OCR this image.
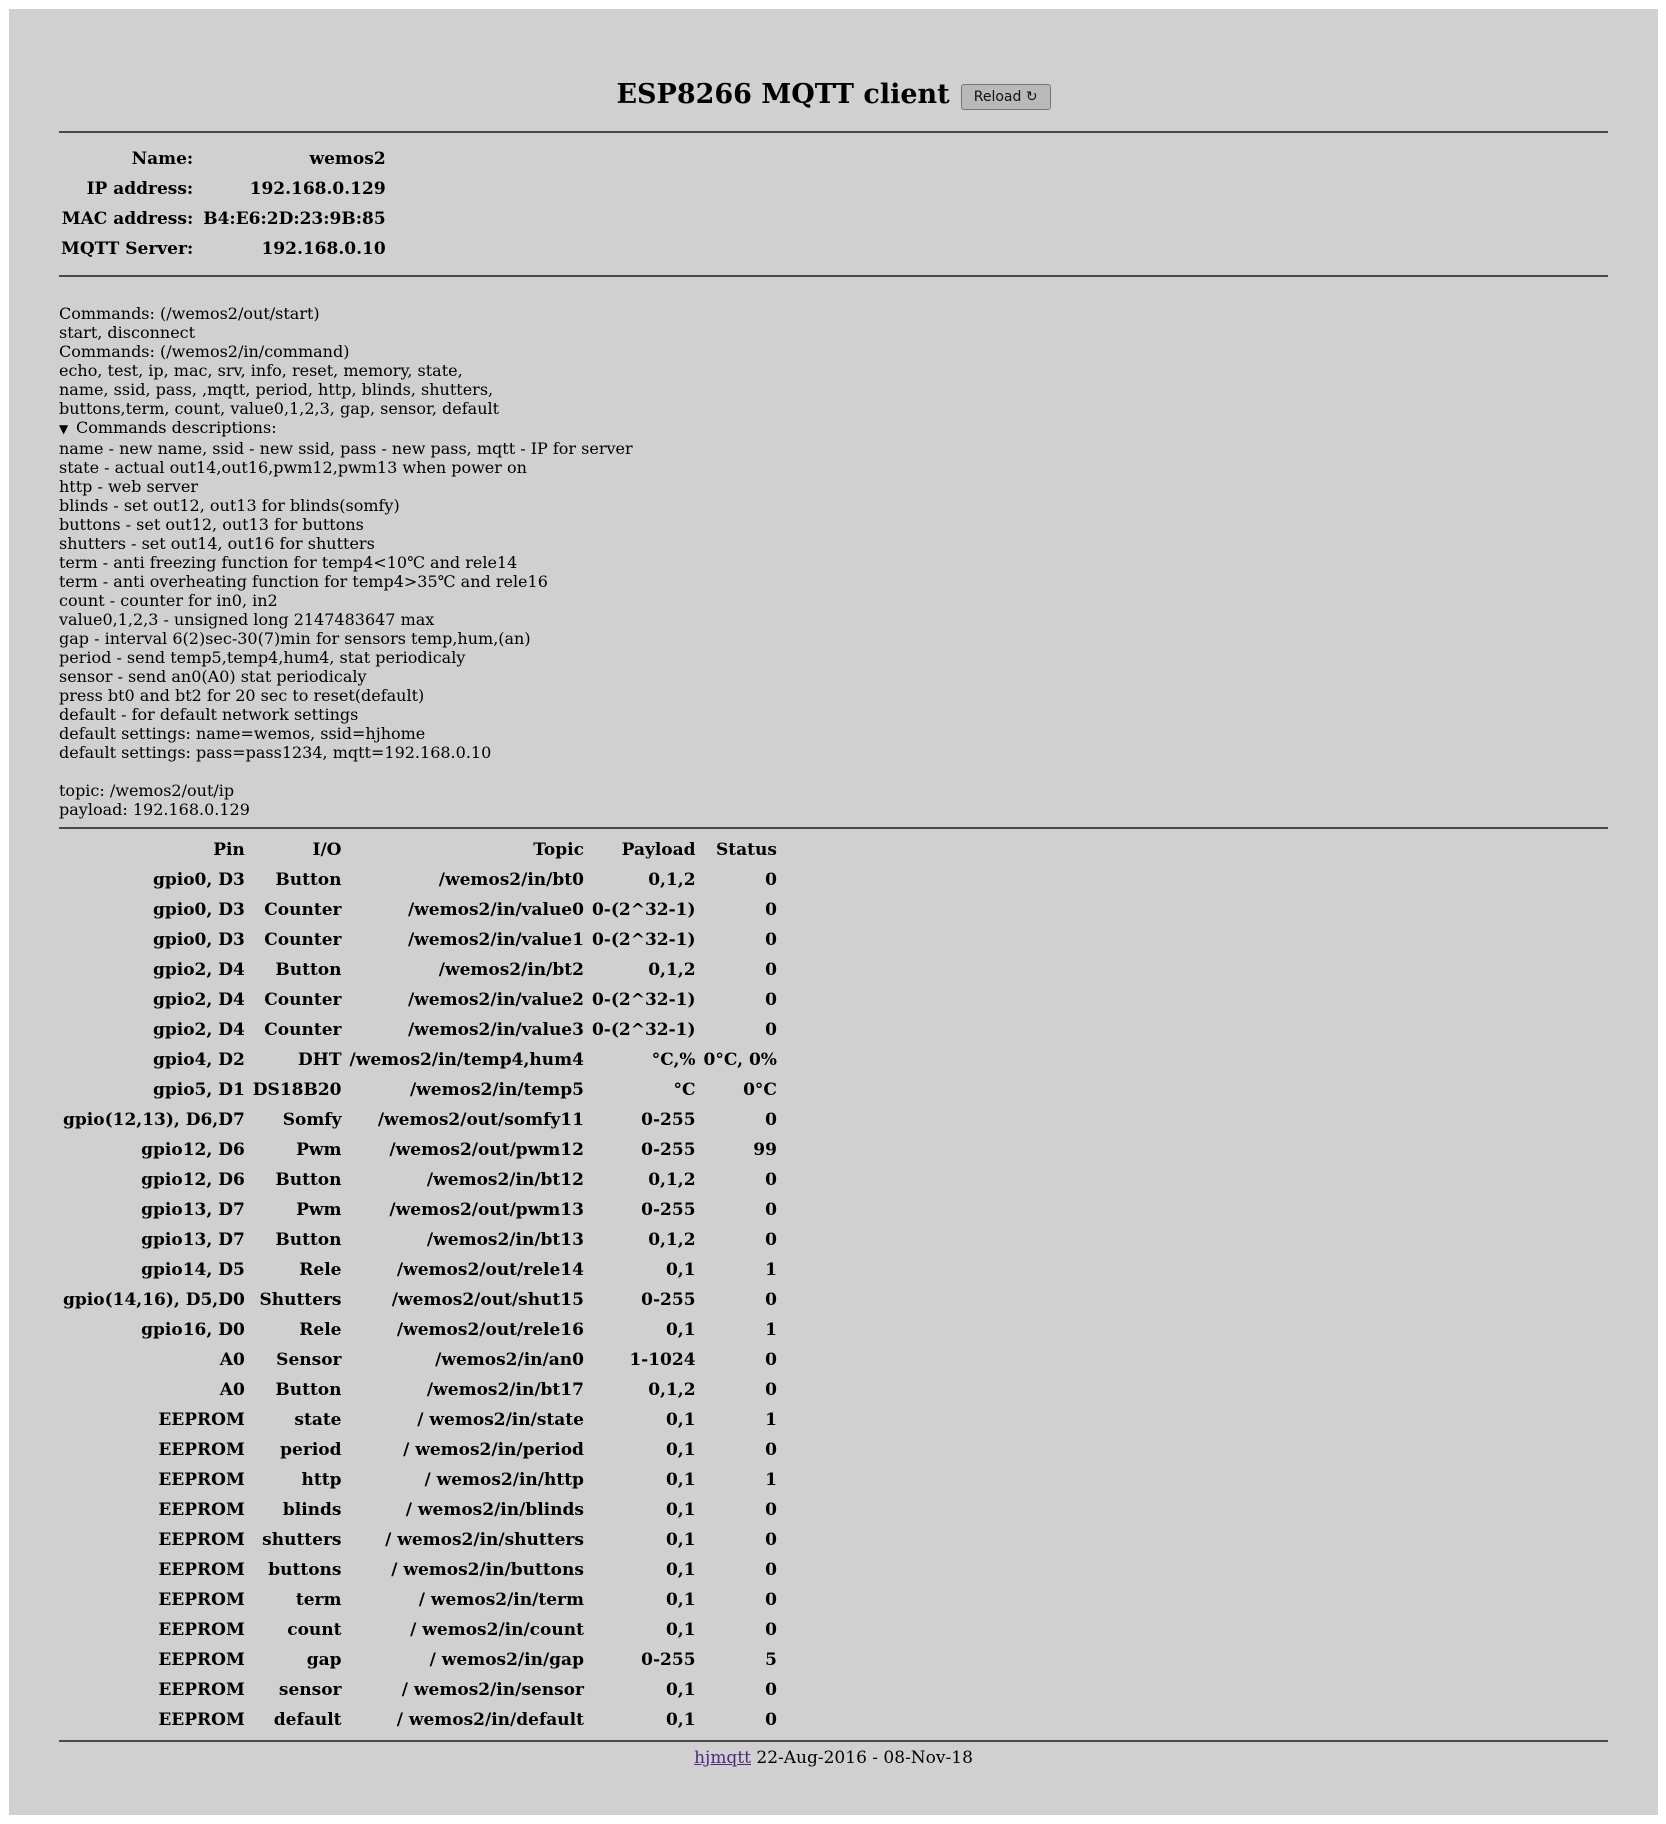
ESP8266 MQTT client Reload ↻
Name:	wemos2
IP address:	192.168.0.129
MAC address:	B4:E6:2D:23:9B:85
MQTT Server:	192.168.0.10
Commands: (/wemos2/out/start)
start, disconnect
Commands: (/wemos2/in/command)
echo, test, ip, mac, srv, info, reset, memory, state,
name, ssid, pass, ,mqtt, period, http, blinds, shutters,
buttons,term, count, value0,1,2,3, gap, sensor, default
▼ Commands descriptions:
name - new name, ssid - new ssid, pass - new pass, mqtt - IP for server
state - actual out14,out16,pwm12,pwm13 when power on
http - web server
blinds - set out12, out13 for blinds(somfy)
buttons - set out12, out13 for buttons
shutters - set out14, out16 for shutters
term - anti freezing function for temp4<10℃ and rele14
term - anti overheating function for temp4>35℃ and rele16
count - counter for in0, in2
value0,1,2,3 - unsigned long 2147483647 max
gap - interval 6(2)sec-30(7)min for sensors temp,hum,(an)
period - send temp5,temp4,hum4, stat periodicaly
sensor - send an0(A0) stat periodicaly
press bt0 and bt2 for 20 sec to reset(default)
default - for default network settings
default settings: name=wemos, ssid=hjhome
default settings: pass=pass1234, mqtt=192.168.0.10
topic: /wemos2/out/ip
payload: 192.168.0.129
Pin	I/O	Topic	Payload	Status
gpio0, D3	Button	/wemos2/in/bt0	0,1,2	0
gpio0, D3	Counter	/wemos2/in/value0	0-(2^32-1)	0
gpio0, D3	Counter	/wemos2/in/value1	0-(2^32-1)	0
gpio2, D4	Button	/wemos2/in/bt2	0,1,2	0
gpio2, D4	Counter	/wemos2/in/value2	0-(2^32-1)	0
gpio2, D4	Counter	/wemos2/in/value3	0-(2^32-1)	0
gpio4, D2	DHT	/wemos2/in/temp4,hum4	°C,%	0°C, 0%
gpio5, D1	DS18B20	/wemos2/in/temp5	°C	0°C
gpio(12,13), D6,D7	Somfy	/wemos2/out/somfy11	0-255	0
gpio12, D6	Pwm	/wemos2/out/pwm12	0-255	99
gpio12, D6	Button	/wemos2/in/bt12	0,1,2	0
gpio13, D7	Pwm	/wemos2/out/pwm13	0-255	0
gpio13, D7	Button	/wemos2/in/bt13	0,1,2	0
gpio14, D5	Rele	/wemos2/out/rele14	0,1	1
gpio(14,16), D5,D0	Shutters	/wemos2/out/shut15	0-255	0
gpio16, D0	Rele	/wemos2/out/rele16	0,1	1
A0	Sensor	/wemos2/in/an0	1-1024	0
A0	Button	/wemos2/in/bt17	0,1,2	0
EEPROM	state	/ wemos2/in/state	0,1	1
EEPROM	period	/ wemos2/in/period	0,1	0
EEPROM	http	/ wemos2/in/http	0,1	1
EEPROM	blinds	/ wemos2/in/blinds	0,1	0
EEPROM	shutters	/ wemos2/in/shutters	0,1	0
EEPROM	buttons	/ wemos2/in/buttons	0,1	0
EEPROM	term	/ wemos2/in/term	0,1	0
EEPROM	count	/ wemos2/in/count	0,1	0
EEPROM	gap	/ wemos2/in/gap	0-255	5
EEPROM	sensor	/ wemos2/in/sensor	0,1	0
EEPROM	default	/ wemos2/in/default	0,1	0
hjmqtt 22-Aug-2016 - 08-Nov-18
